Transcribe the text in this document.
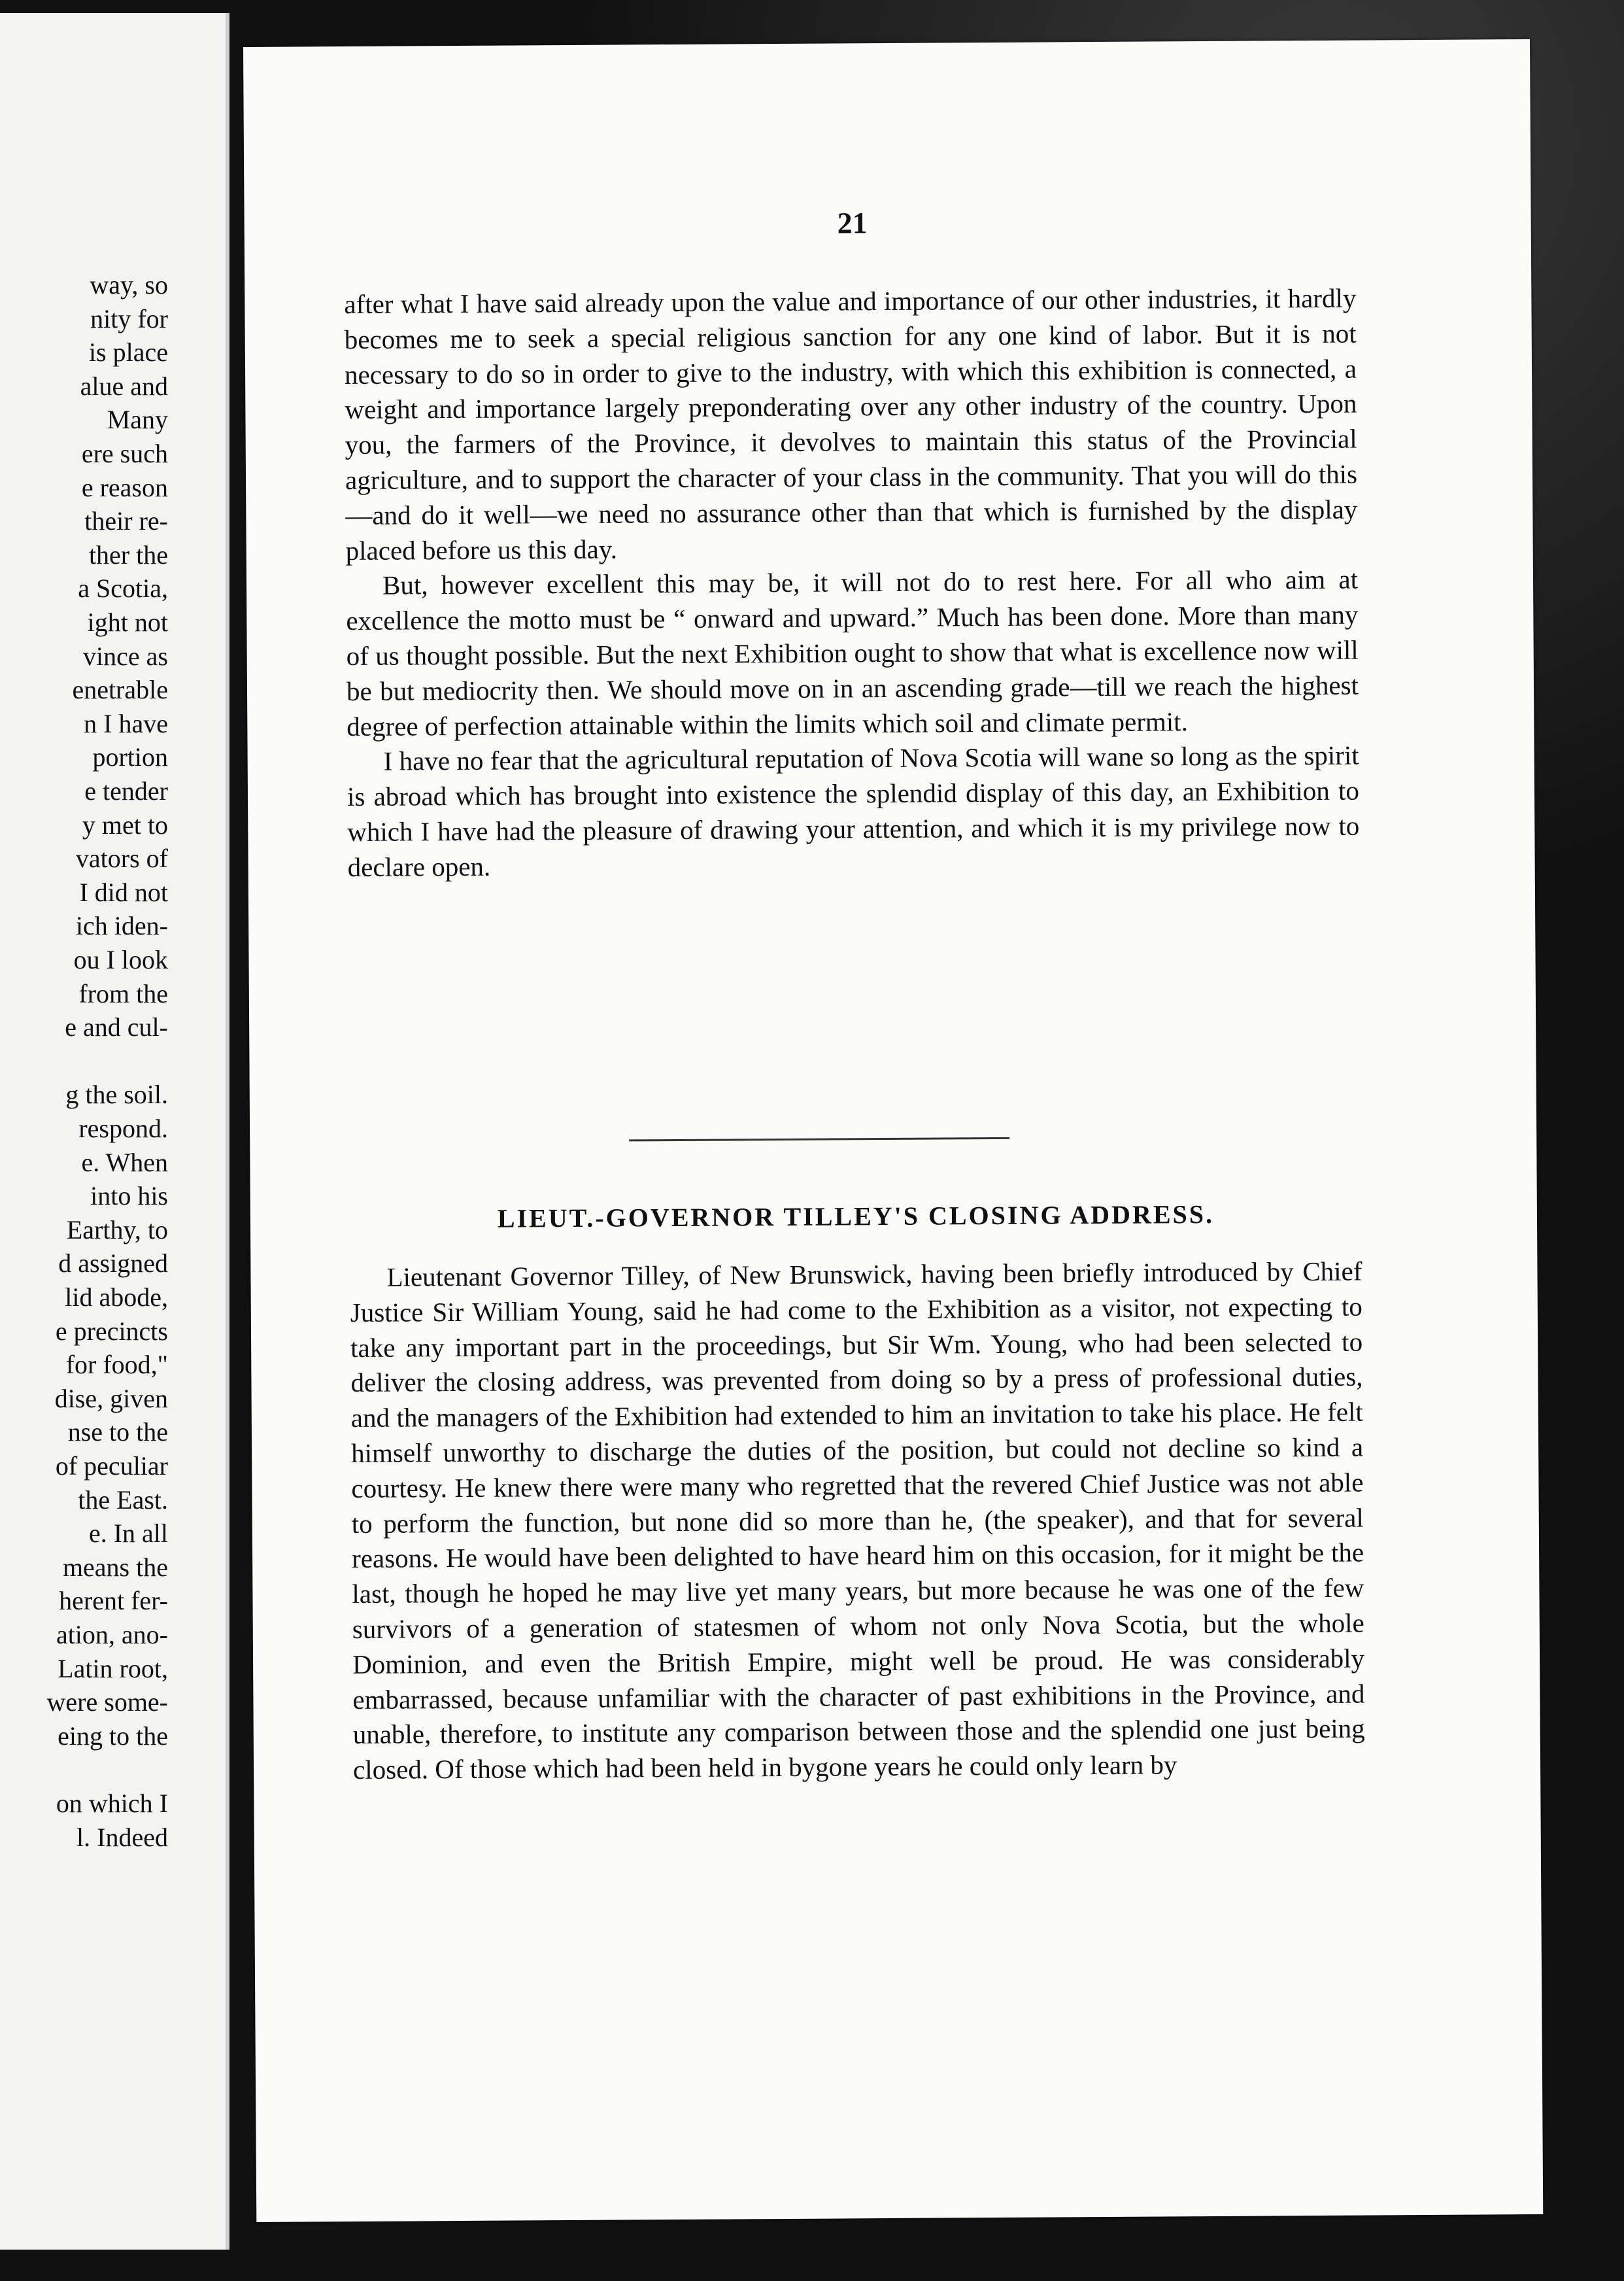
way, so
nity for
is place
alue and
Many
ere such
e reason
their re-
ther the
a Scotia,
ight not
vince as
enetrable
n I have
portion
e tender
y met to
vators of
I did not
ich iden-
ou I look
from the
e and cul-
g the soil.
respond.
e. When
into his
Earthy, to
d assigned
lid abode,
e precincts
for food,"
dise, given
nse to the
of peculiar
the East.
e. In all
means the
herent fer-
ation, ano-
Latin root,
were some-
eing to the
on which I
l. Indeed
21

after what I have said already upon the value and importance of our other industries, it hardly becomes me to seek a special religious sanction for any one kind of labor. But it is not necessary to do so in order to give to the industry, with which this exhibition is connected, a weight and importance largely preponderating over any other industry of the country. Upon you, the farmers of the Province, it devolves to maintain this status of the Provincial agriculture, and to support the character of your class in the community. That you will do this—and do it well—we need no assurance other than that which is furnished by the display placed before us this day.

But, however excellent this may be, it will not do to rest here. For all who aim at excellence the motto must be “ onward and upward.” Much has been done. More than many of us thought possible. But the next Exhibition ought to show that what is excellence now will be but mediocrity then. We should move on in an ascending grade—till we reach the highest degree of perfection attainable within the limits which soil and climate permit.

I have no fear that the agricultural reputation of Nova Scotia will wane so long as the spirit is abroad which has brought into existence the splendid display of this day, an Exhibition to which I have had the pleasure of drawing your attention, and which it is my privilege now to declare open.

LIEUT.-GOVERNOR TILLEY'S CLOSING ADDRESS.

Lieutenant Governor Tilley, of New Brunswick, having been briefly introduced by Chief Justice Sir William Young, said he had come to the Exhibition as a visitor, not expecting to take any important part in the proceedings, but Sir Wm. Young, who had been selected to deliver the closing address, was prevented from doing so by a press of professional duties, and the managers of the Exhibition had extended to him an invitation to take his place. He felt himself unworthy to discharge the duties of the position, but could not decline so kind a courtesy. He knew there were many who regretted that the revered Chief Justice was not able to perform the function, but none did so more than he, (the speaker), and that for several reasons. He would have been delighted to have heard him on this occasion, for it might be the last, though he hoped he may live yet many years, but more because he was one of the few survivors of a generation of statesmen of whom not only Nova Scotia, but the whole Dominion, and even the British Empire, might well be proud. He was considerably embarrassed, because unfamiliar with the character of past exhibitions in the Province, and unable, therefore, to institute any comparison between those and the splendid one just being closed. Of those which had been held in bygone years he could only learn by
